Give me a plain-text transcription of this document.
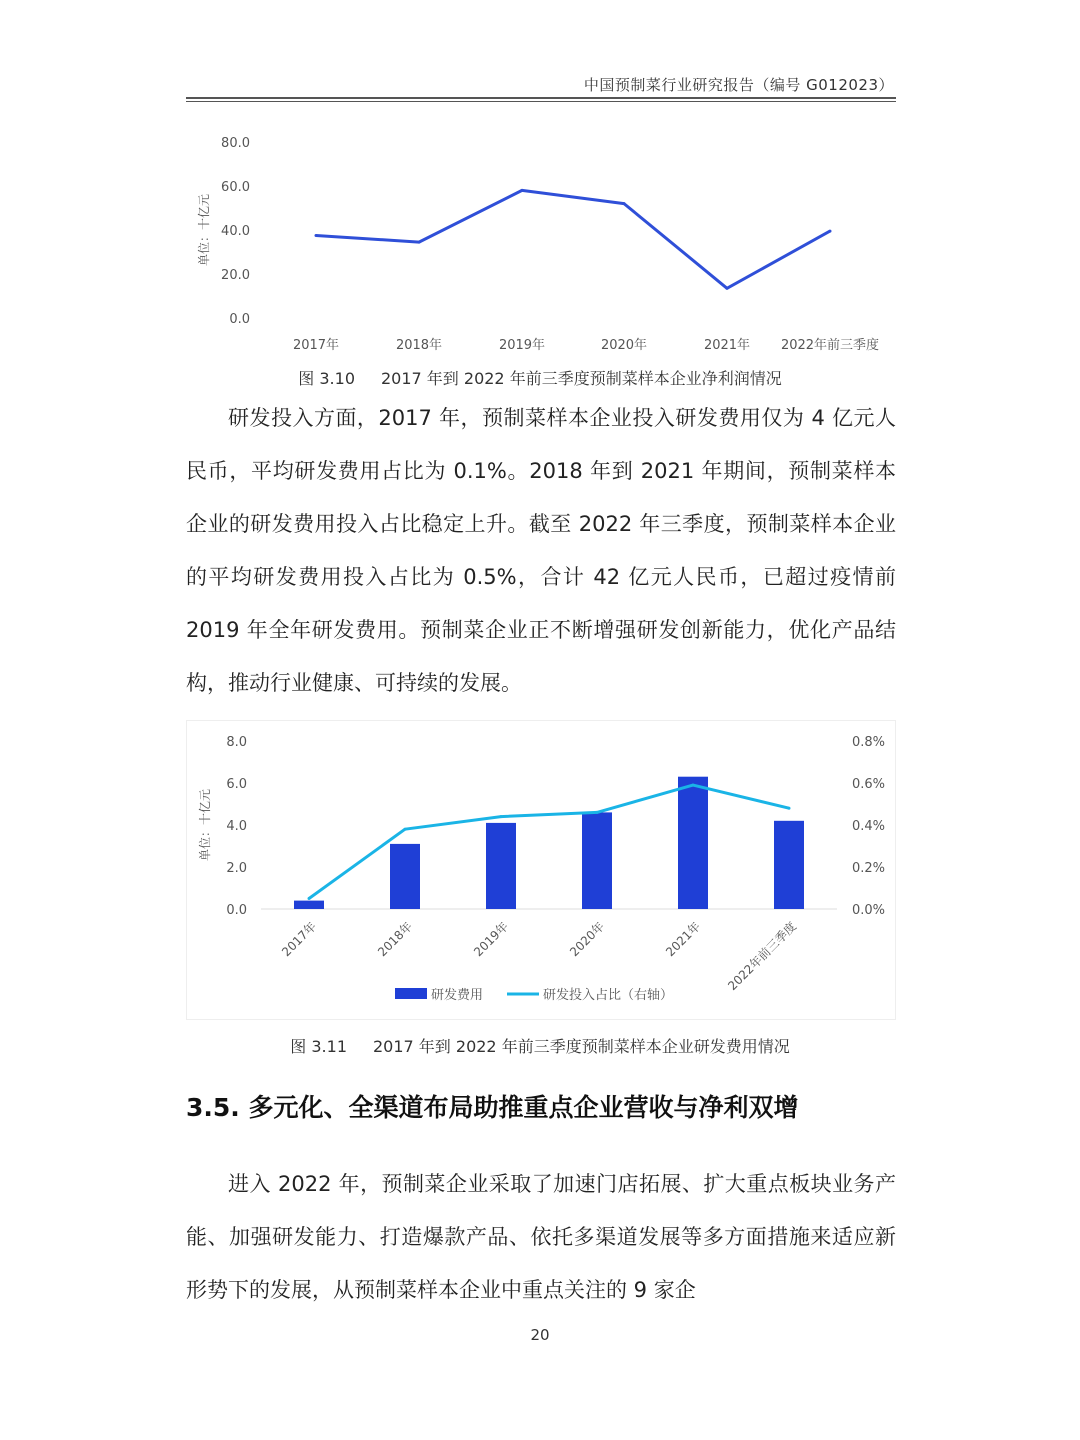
中国预制菜行业研究报告（编号 G012023）
0.0
20.0
40.0
60.0
80.0
单位：十亿元
2017年	2018年	2019年	2020年	2021年 2022年前三季度
图 3.10 2017 年到 2022 年前三季度预制菜样本企业净利润情况

研发投入方面，2017 年，预制菜样本企业投入研发费用仅为 4 亿元人民币，平均研发费用占比为 0.1%。2018 年到 2021 年期间，预制菜样本企业的研发费用投入占比稳定上升。截至 2022 年三季度，预制菜样本企业的平均研发费用投入占比为 0.5%，合计 42 亿元人民币，已超过疫情前 2019 年全年研发费用。预制菜企业正不断增强研发创新能力，优化产品结构，推动行业健康、可持续的发展。

0.0
2.0
4.0
6.0
8.0
0.0%
0.2%
0.4%
0.6%
0.8%
单位：十亿元
2017年	2018年	2019年	2020年	2021年 2022年前三季度
研发费用	研发投入占比（右轴）
图 3.11 2017 年到 2022 年前三季度预制菜样本企业研发费用情况
3.5. 多元化、全渠道布局助推重点企业营收与净利双增

进入 2022 年，预制菜企业采取了加速门店拓展、扩大重点板块业务产能、加强研发能力、打造爆款产品、依托多渠道发展等多方面措施来适应新形势下的发展，从预制菜样本企业中重点关注的 9 家企

20
